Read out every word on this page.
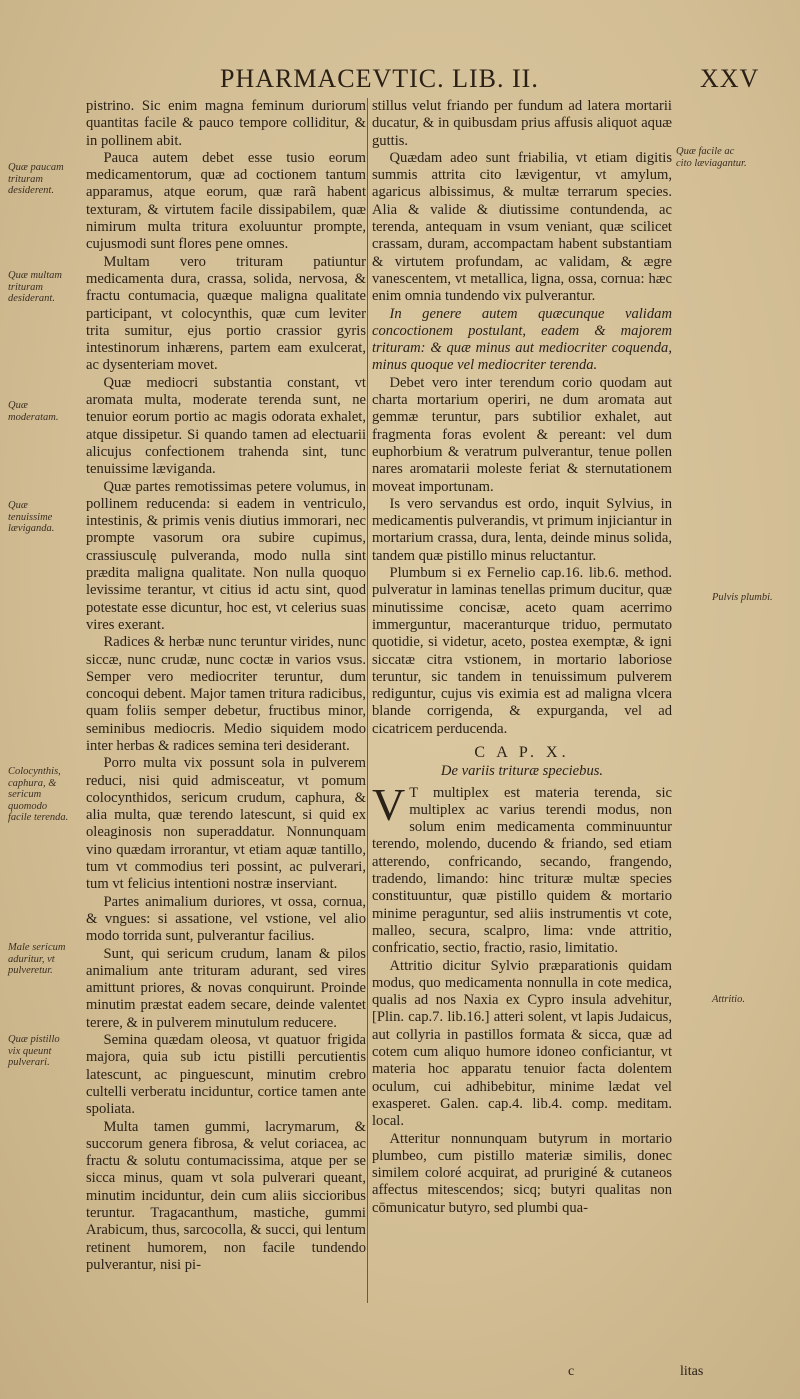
PHARMACEVTIC. LIB. II.	XXV

pistrino. Sic enim magna feminum duriorum quantitas facile & pauco tempore colliditur, & in pollinem abit.

Pauca autem debet esse tusio eorum medicamentorum, quæ ad coctionem tantum apparamus, atque eorum, quæ rarã habent texturam, & virtutem facile dissipabilem, quæ nimirum multa tritura exoluuntur prompte, cujusmodi sunt flores pene omnes.

Multam vero trituram patiuntur medicamenta dura, crassa, solida, nervosa, & fractu contumacia, quæque maligna qualitate participant, vt colocynthis, quæ cum leviter trita sumitur, ejus portio crassior gyris intestinorum inhærens, partem eam exulcerat, ac dysenteriam movet.

Quæ mediocri substantia constant, vt aromata multa, moderate terenda sunt, ne tenuior eorum portio ac magis odorata exhalet, atque dissipetur. Si quando tamen ad electuarii alicujus confectionem trahenda sint, tunc tenuissime læviganda.

Quæ partes remotissimas petere volumus, in pollinem reducenda: si eadem in ventriculo, intestinis, & primis venis diutius immorari, nec prompte vasorum ora subire cupimus, crassiusculę pulveranda, modo nulla sint prædita maligna qualitate. Non nulla quoquo levissime terantur, vt citius id actu sint, quod potestate esse dicuntur, hoc est, vt celerius suas vires exerant.

Radices & herbæ nunc teruntur virides, nunc siccæ, nunc crudæ, nunc coctæ in varios vsus. Semper vero mediocriter teruntur, dum concoqui debent. Major tamen tritura radicibus, quam foliis semper debetur, fructibus minor, seminibus mediocris. Medio siquidem modo inter herbas & radices semina teri desiderant.

Porro multa vix possunt sola in pulverem reduci, nisi quid admisceatur, vt pomum colocynthidos, sericum crudum, caphura, & alia multa, quæ terendo latescunt, si quid ex oleaginosis non superaddatur. Nonnunquam vino quædam irrorantur, vt etiam aquæ tantillo, tum vt commodius teri possint, ac pulverari, tum vt felicius intentioni nostræ inserviant.

Partes animalium duriores, vt ossa, cornua, & vngues: si assatione, vel vstione, vel alio modo torrida sunt, pulverantur facilius.

Sunt, qui sericum crudum, lanam & pilos animalium ante trituram adurant, sed vires amittunt priores, & novas conquirunt. Proinde minutim præstat eadem secare, deinde valentet terere, & in pulverem minutulum reducere.

Semina quædam oleosa, vt quatuor frigida majora, quia sub ictu pistilli percutientis latescunt, ac pinguescunt, minutim crebro cultelli verberatu inciduntur, cortice tamen ante spoliata.

Multa tamen gummi, lacrymarum, & succorum genera fibrosa, & velut coriacea, ac fractu & solutu contumacissima, atque per se sicca minus, quam vt sola pulverari queant, minutim inciduntur, dein cum aliis siccioribus teruntur. Tragacanthum, mastiche, gummi Arabicum, thus, sarcocolla, & succi, qui lentum retinent humorem, non facile tundendo pulverantur, nisi pi-

stillus velut friando per fundum ad latera mortarii ducatur, & in quibusdam prius affusis aliquot aquæ guttis.

Quædam adeo sunt friabilia, vt etiam digitis summis attrita cito lævigentur, vt amylum, agaricus albissimus, & multæ terrarum species. Alia & valide & diutissime contundenda, ac terenda, antequam in vsum veniant, quæ scilicet crassam, duram, accompactam habent substantiam & virtutem profundam, ac validam, & ægre vanescentem, vt metallica, ligna, ossa, cornua: hæc enim omnia tundendo vix pulverantur.

In genere autem quæcunque validam concoctionem postulant, eadem & majorem trituram: & quæ minus aut mediocriter coquenda, minus quoque vel mediocriter terenda.

Debet vero inter terendum corio quodam aut charta mortarium operiri, ne dum aromata aut gemmæ teruntur, pars subtilior exhalet, aut fragmenta foras evolent & pereant: vel dum euphorbium & veratrum pulverantur, tenue pollen nares aromatarii moleste feriat & sternutationem moveat importunam.

Is vero servandus est ordo, inquit Sylvius, in medicamentis pulverandis, vt primum injiciantur in mortarium crassa, dura, lenta, deinde minus solida, tandem quæ pistillo minus reluctantur.

Plumbum si ex Fernelio cap.16. lib.6. method. pulveratur in laminas tenellas primum ducitur, quæ minutissime concisæ, aceto quam acerrimo immerguntur, maceranturque triduo, permutato quotidie, si videtur, aceto, postea exemptæ, & igni siccatæ citra vstionem, in mortario laboriose teruntur, sic tandem in tenuissimum pulverem rediguntur, cujus vis eximia est ad maligna vlcera blande corrigenda, & expurganda, vel ad cicatricem perducenda.

C A P. X.

De variis trituræ speciebus.

V T multiplex est materia terenda, sic multiplex ac varius terendi modus, non solum enim medicamenta comminuuntur terendo, molendo, ducendo & friando, sed etiam atterendo, confricando, secando, frangendo, tradendo, limando: hinc trituræ multæ species constituuntur, quæ pistillo quidem & mortario minime peraguntur, sed aliis instrumentis vt cote, malleo, secura, scalpro, lima: vnde attritio, confricatio, sectio, fractio, rasio, limitatio.

Attritio dicitur Sylvio præparationis quidam modus, quo medicamenta nonnulla in cote medica, qualis ad nos Naxia ex Cypro insula advehitur, [Plin. cap.7. lib.16.] atteri solent, vt lapis Judaicus, aut collyria in pastillos formata & sicca, quæ ad cotem cum aliquo humore idoneo conficiantur, vt materia hoc apparatu tenuior facta dolentem oculum, cui adhibebitur, minime lædat vel exasperet. Galen. cap.4. lib.4. comp. meditam. local.

Atteritur nonnunquam butyrum in mortario plumbeo, cum pistillo materiæ similis, donec similem coloré acquirat, ad pruriginé & cutaneos affectus mitescendos; sicq; butyri qualitas non cōmunicatur butyro, sed plumbi qua-

Quæ paucam trituram desiderent.
Quæ multam trituram desiderant.
Quæ moderatam.
Quæ tenuissime læviganda.
Colocynthis, caphura, & sericum quomodo facile terenda.
Male sericum aduritur, vt pulveretur.
Quæ pistillo vix queunt pulverari.
Quæ facile ac cito læviagantur.
Pulvis plumbi.
Attritio.
c	litas
